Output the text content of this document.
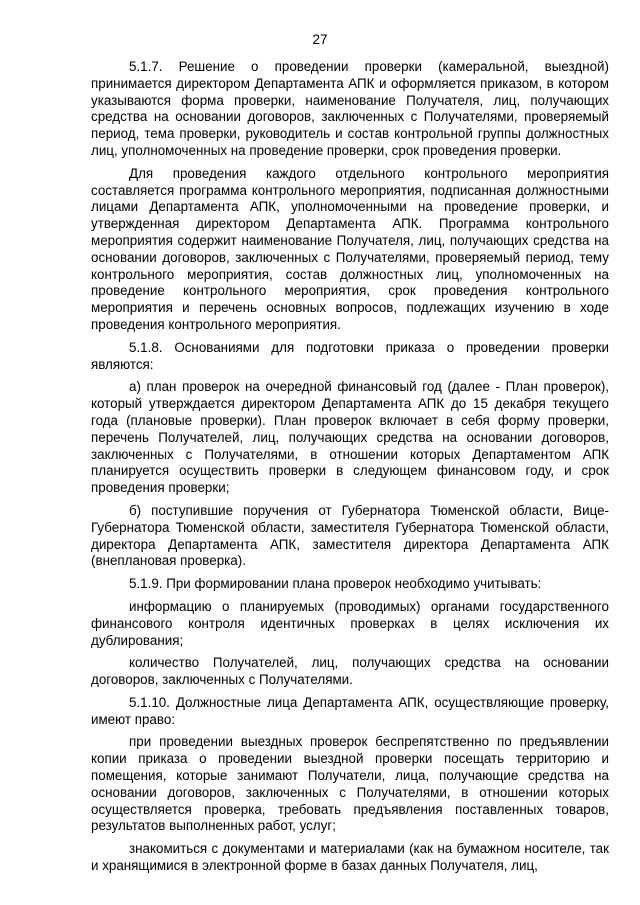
27

5.1.7. Решение о проведении проверки (камеральной, выездной) принимается директором Департамента АПК и оформляется приказом, в котором указываются форма проверки, наименование Получателя, лиц, получающих средства на основании договоров, заключенных с Получателями, проверяемый период, тема проверки, руководитель и состав контрольной группы должностных лиц, уполномоченных на проведение проверки, срок проведения проверки.

Для проведения каждого отдельного контрольного мероприятия составляется программа контрольного мероприятия, подписанная должностными лицами Департамента АПК, уполномоченными на проведение проверки, и утвержденная директором Департамента АПК. Программа контрольного мероприятия содержит наименование Получателя, лиц, получающих средства на основании договоров, заключенных с Получателями, проверяемый период, тему контрольного мероприятия, состав должностных лиц, уполномоченных на проведение контрольного мероприятия, срок проведения контрольного мероприятия и перечень основных вопросов, подлежащих изучению в ходе проведения контрольного мероприятия.

5.1.8. Основаниями для подготовки приказа о проведении проверки являются:

а) план проверок на очередной финансовый год (далее - План проверок), который утверждается директором Департамента АПК до 15 декабря текущего года (плановые проверки). План проверок включает в себя форму проверки, перечень Получателей, лиц, получающих средства на основании договоров, заключенных с Получателями, в отношении которых Департаментом АПК планируется осуществить проверки в следующем финансовом году, и срок проведения проверки;

б) поступившие поручения от Губернатора Тюменской области, Вице-Губернатора Тюменской области, заместителя Губернатора Тюменской области, директора Департамента АПК, заместителя директора Департамента АПК (внеплановая проверка).

5.1.9. При формировании плана проверок необходимо учитывать:

информацию о планируемых (проводимых) органами государственного финансового контроля идентичных проверках в целях исключения их дублирования;

количество Получателей, лиц, получающих средства на основании договоров, заключенных с Получателями.

5.1.10. Должностные лица Департамента АПК, осуществляющие проверку, имеют право:

при проведении выездных проверок беспрепятственно по предъявлении копии приказа о проведении выездной проверки посещать территорию и помещения, которые занимают Получатели, лица, получающие средства на основании договоров, заключенных с Получателями, в отношении которых осуществляется проверка, требовать предъявления поставленных товаров, результатов выполненных работ, услуг;

знакомиться с документами и материалами (как на бумажном носителе, так и хранящимися в электронной форме в базах данных Получателя, лиц,
